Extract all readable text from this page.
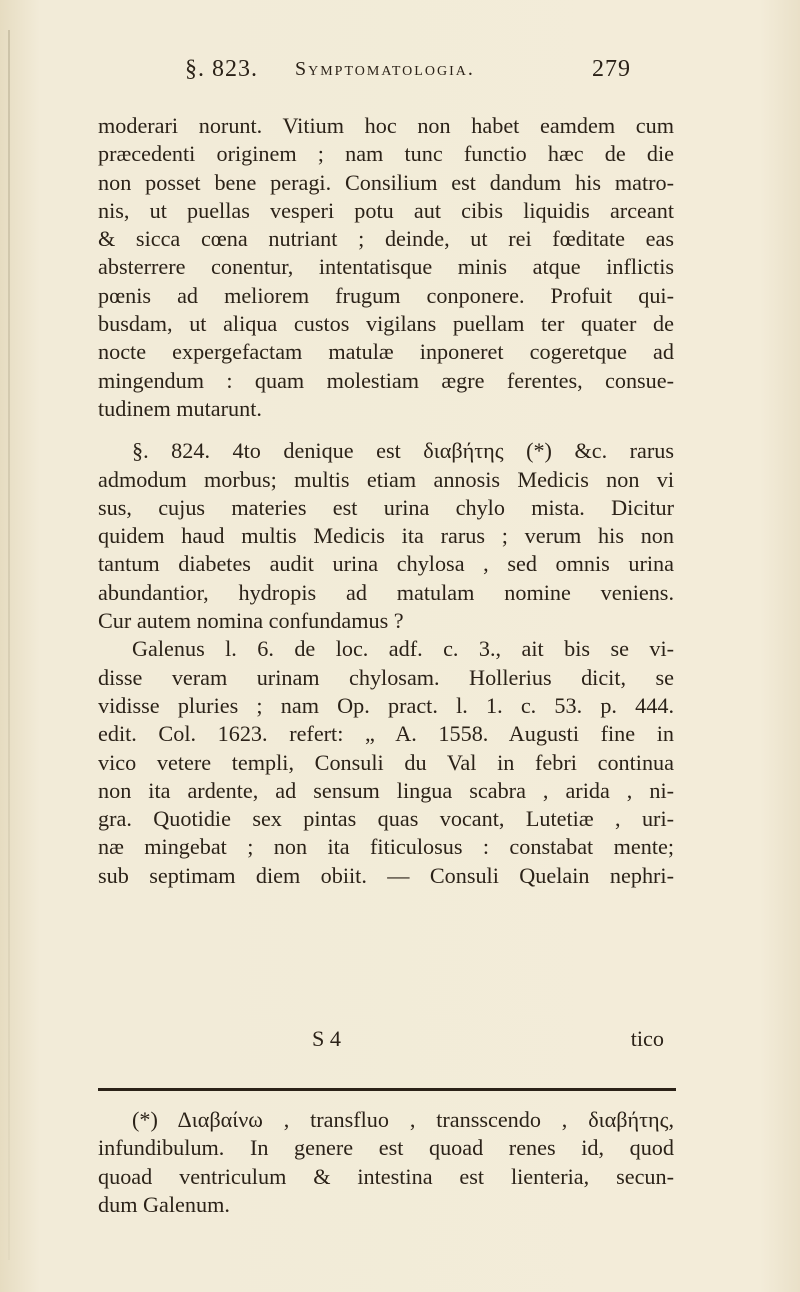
§. 823. Symptomatologia.	279
moderari norunt. Vitium hoc non habet eamdem cum
præcedenti originem ; nam tunc functio hæc de die
non posset bene peragi. Consilium est dandum his matro-
nis, ut puellas vesperi potu aut cibis liquidis arceant
& sicca cœna nutriant ; deinde, ut rei fœditate eas
absterrere conentur, intentatisque minis atque inflictis
pœnis ad meliorem frugum conponere. Profuit qui-
busdam, ut aliqua custos vigilans puellam ter quater de
nocte expergefactam matulæ inponeret cogeretque ad
mingendum : quam molestiam ægre ferentes, consue-
tudinem mutarunt.
§. 824. 4to denique est διαβήτης (*) &c. rarus
admodum morbus; multis etiam annosis Medicis non vi
sus, cujus materies est urina chylo mista. Dicitur
quidem haud multis Medicis ita rarus ; verum his non
tantum diabetes audit urina chylosa , sed omnis urina
abundantior, hydropis ad matulam nomine veniens.
Cur autem nomina confundamus ?
Galenus l. 6. de loc. adf. c. 3., ait bis se vi-
disse veram urinam chylosam. Hollerius dicit, se
vidisse pluries ; nam Op. pract. l. 1. c. 53. p. 444.
edit. Col. 1623. refert: „ A. 1558. Augusti fine in
vico vetere templi, Consuli du Val in febri continua
non ita ardente, ad sensum lingua scabra , arida , ni-
gra. Quotidie sex pintas quas vocant, Lutetiæ , uri-
næ mingebat ; non ita fiticulosus : constabat mente;
sub septimam diem obiit. — Consuli Quelain nephri-
S 4	tico
(*) Διαβαίνω , transfluo , transscendo , διαβήτης,
infundibulum. In genere est quoad renes id, quod
quoad ventriculum & intestina est lienteria, secun-
dum Galenum.
